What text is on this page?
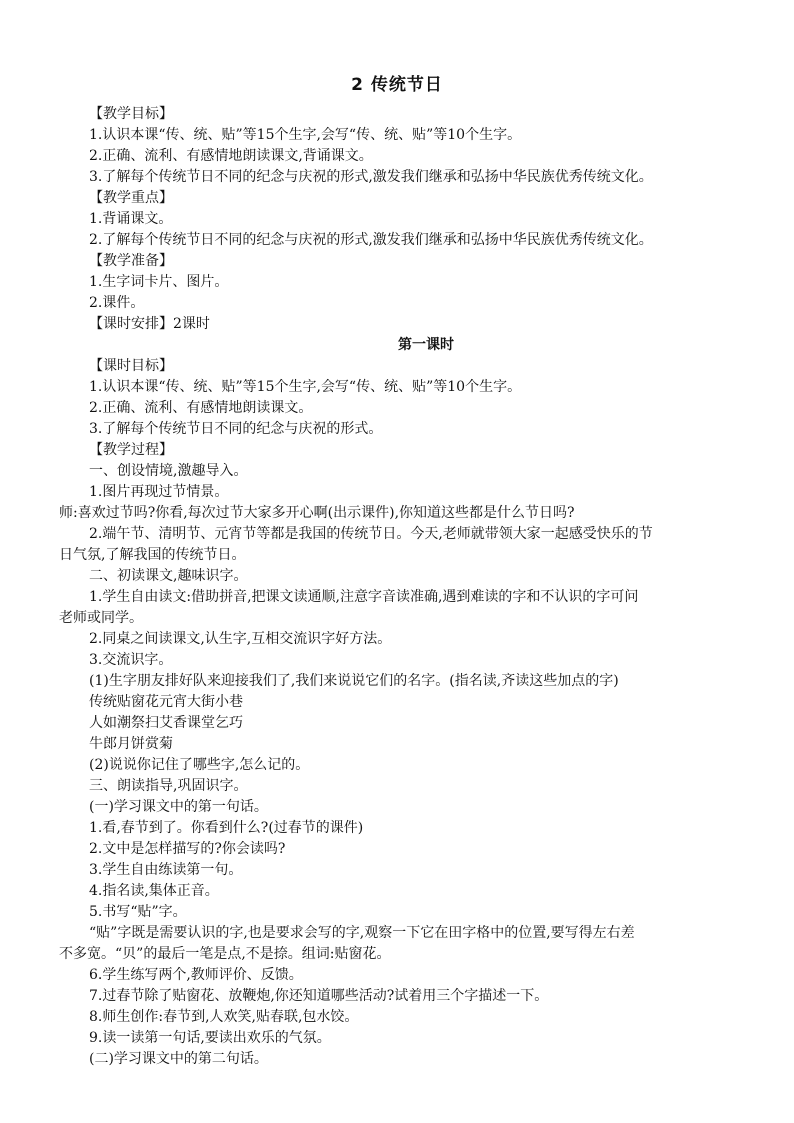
2 传统节日
【教学目标】
1.认识本课“传、统、贴”等15个生字,会写“传、统、贴”等10个生字。
2.正确、流利、有感情地朗读课文,背诵课文。
3.了解每个传统节日不同的纪念与庆祝的形式,激发我们继承和弘扬中华民族优秀传统文化。
【教学重点】
1.背诵课文。
2.了解每个传统节日不同的纪念与庆祝的形式,激发我们继承和弘扬中华民族优秀传统文化。
【教学准备】
1.生字词卡片、图片。
2.课件。
【课时安排】2课时
第一课时
【课时目标】
1.认识本课“传、统、贴”等15个生字,会写“传、统、贴”等10个生字。
2.正确、流利、有感情地朗读课文。
3.了解每个传统节日不同的纪念与庆祝的形式。
【教学过程】
一、创设情境,激趣导入。
1.图片再现过节情景。
师:喜欢过节吗?你看,每次过节大家多开心啊(出示课件),你知道这些都是什么节日吗?
2.端午节、清明节、元宵节等都是我国的传统节日。今天,老师就带领大家一起感受快乐的节
日气氛,了解我国的传统节日。
二、初读课文,趣味识字。
1.学生自由读文:借助拼音,把课文读通顺,注意字音读准确,遇到难读的字和不认识的字可问
老师或同学。
2.同桌之间读课文,认生字,互相交流识字好方法。
3.交流识字。
(1)生字朋友排好队来迎接我们了,我们来说说它们的名字。(指名读,齐读这些加点的字)
传统贴窗花元宵大街小巷
人如潮祭扫艾香课堂乞巧
牛郎月饼赏菊
(2)说说你记住了哪些字,怎么记的。
三、朗读指导,巩固识字。
(一)学习课文中的第一句话。
1.看,春节到了。你看到什么?(过春节的课件)
2.文中是怎样描写的?你会读吗?
3.学生自由练读第一句。
4.指名读,集体正音。
5.书写“贴”字。
“贴”字既是需要认识的字,也是要求会写的字,观察一下它在田字格中的位置,要写得左右差
不多宽。“贝”的最后一笔是点,不是捺。组词:贴窗花。
6.学生练写两个,教师评价、反馈。
7.过春节除了贴窗花、放鞭炮,你还知道哪些活动?试着用三个字描述一下。
8.师生创作:春节到,人欢笑,贴春联,包水饺。
9.读一读第一句话,要读出欢乐的气氛。
(二)学习课文中的第二句话。
